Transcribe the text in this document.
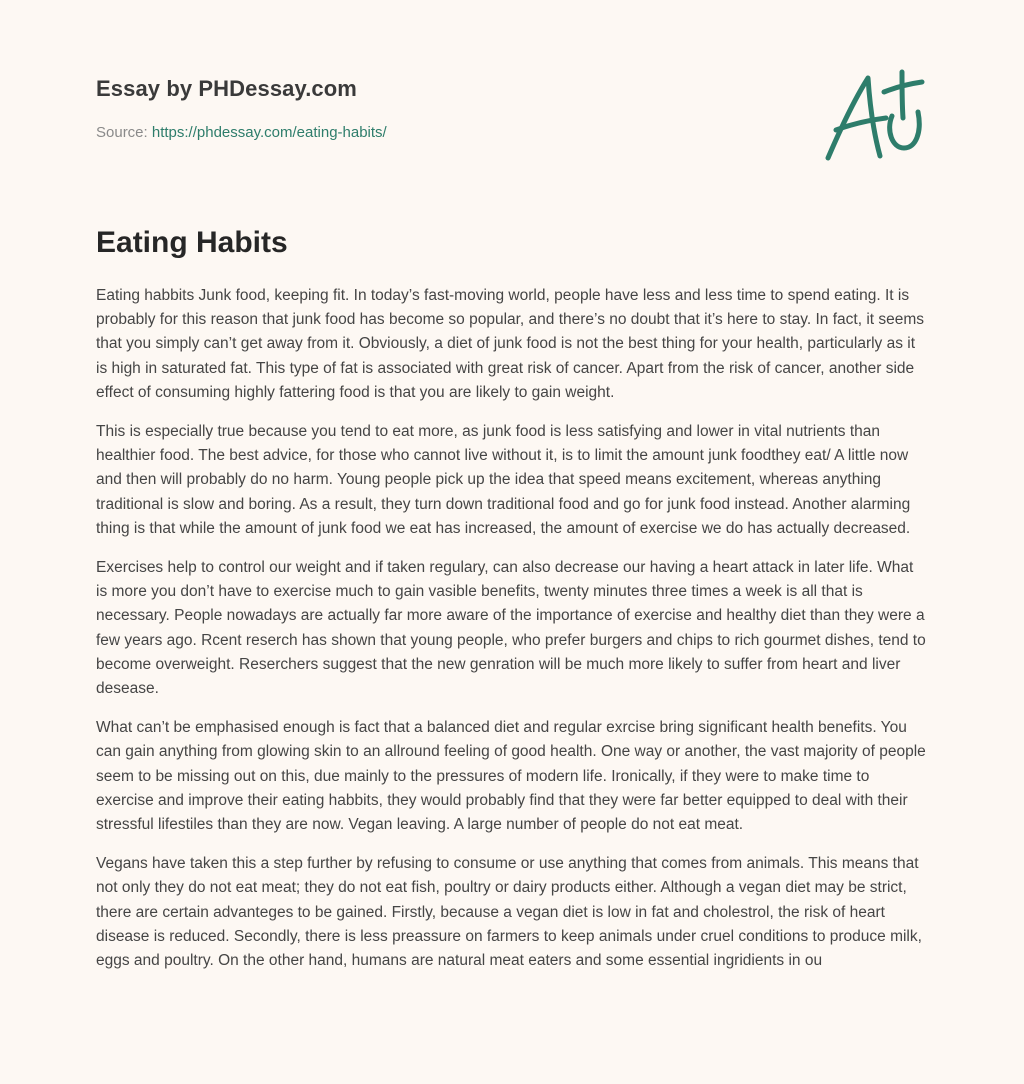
Essay by PHDessay.com
Source: https://phdessay.com/eating-habits/
Eating Habits

Eating habbits Junk food, keeping fit. In today’s fast-moving world, people have less and less time to spend eating. It is probably for this reason that junk food has become so popular, and there’s no doubt that it’s here to stay. In fact, it seems that you simply can’t get away from it. Obviously, a diet of junk food is not the best thing for your health, particularly as it is high in saturated fat. This type of fat is associated with great risk of cancer. Apart from the risk of cancer, another side effect of consuming highly fattering food is that you are likely to gain weight.

This is especially true because you tend to eat more, as junk food is less satisfying and lower in vital nutrients than healthier food. The best advice, for those who cannot live without it, is to limit the amount junk foodthey eat/ A little now and then will probably do no harm. Young people pick up the idea that speed means excitement, whereas anything traditional is slow and boring. As a result, they turn down traditional food and go for junk food instead. Another alarming thing is that while the amount of junk food we eat has increased, the amount of exercise we do has actually decreased.

Exercises help to control our weight and if taken regulary, can also decrease our having a heart attack in later life. What is more you don’t have to exercise much to gain vasible benefits, twenty minutes three times a week is all that is necessary. People nowadays are actually far more aware of the importance of exercise and healthy diet than they were a few years ago. Rcent reserch has shown that young people, who prefer burgers and chips to rich gourmet dishes, tend to become overweight. Reserchers suggest that the new genration will be much more likely to suffer from heart and liver desease.

What can’t be emphasised enough is fact that a balanced diet and regular exrcise bring significant health benefits. You can gain anything from glowing skin to an allround feeling of good health. One way or another, the vast majority of people seem to be missing out on this, due mainly to the pressures of modern life. Ironically, if they were to make time to exercise and improve their eating habbits, they would probably find that they were far better equipped to deal with their stressful lifestiles than they are now. Vegan leaving. A large number of people do not eat meat.

Vegans have taken this a step further by refusing to consume or use anything that comes from animals. This means that not only they do not eat meat; they do not eat fish, poultry or dairy products either. Although a vegan diet may be strict, there are certain advanteges to be gained. Firstly, because a vegan diet is low in fat and cholestrol, the risk of heart disease is reduced. Secondly, there is less preassure on farmers to keep animals under cruel conditions to produce milk, eggs and poultry. On the other hand, humans are natural meat eaters and some essential ingridients in ou
